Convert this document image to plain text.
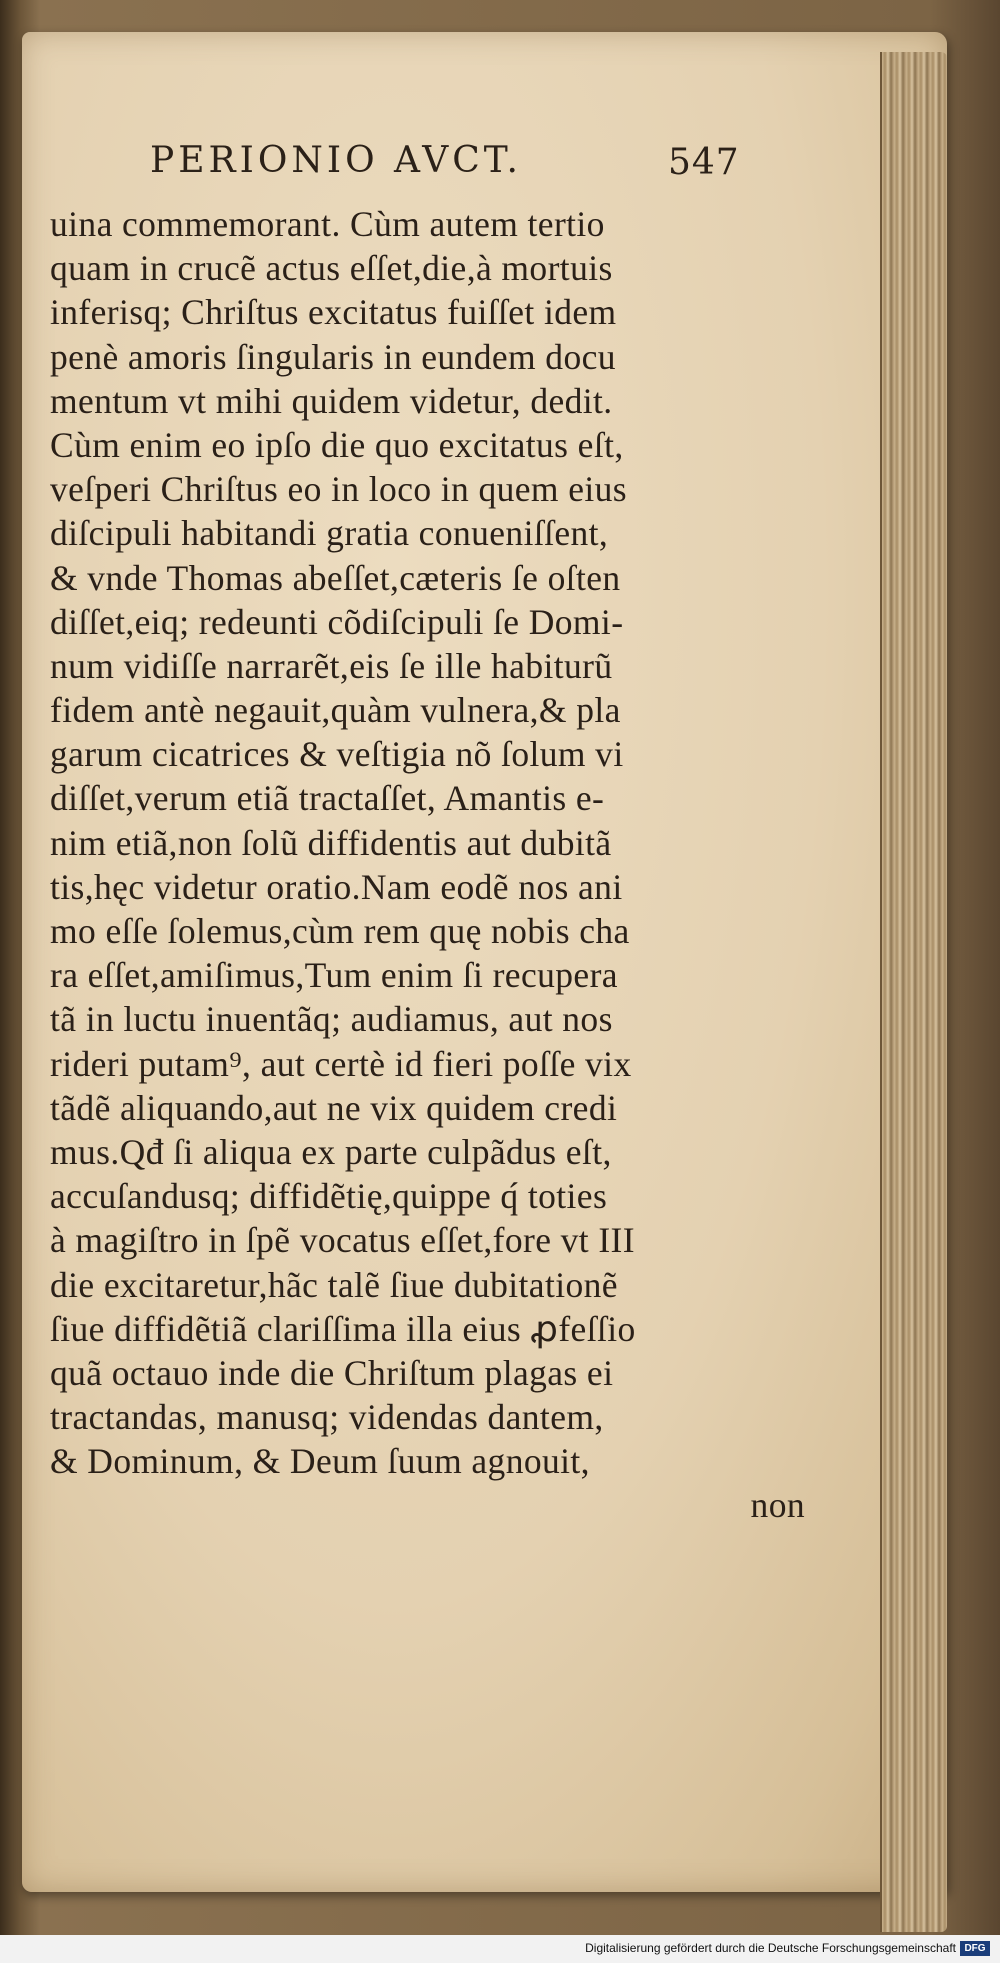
PERIONIO AVCT.	547
uina commemorant. Cùm autem tertio
quam in crucẽ actus eſſet,die,à mortuis
inferisq; Chriſtus excitatus fuiſſet idem
penè amoris ſingularis in eundem docu
mentum vt mihi quidem videtur, dedit.
Cùm enim eo ipſo die quo excitatus eſt,
veſperi Chriſtus eo in loco in quem eius
diſcipuli habitandi gratia conueniſſent,
& vnde Thomas abeſſet,cæteris ſe oſten
diſſet,eiq; redeunti cõdiſcipuli ſe Domi-
num vidiſſe narrarẽt,eis ſe ille habiturũ
fidem antè negauit,quàm vulnera,& pla
garum cicatrices & veſtigia nõ ſolum vi
diſſet,verum etiã tractaſſet, Amantis e-
nim etiã,non ſolũ diffidentis aut dubitã
tis,hęc videtur oratio.Nam eodẽ nos ani
mo eſſe ſolemus,cùm rem quę nobis cha
ra eſſet,amiſimus,Tum enim ſi recupera
tã in luctu inuentãq; audiamus, aut nos
rideri putam⁹, aut certè id fieri poſſe vix
tãdẽ aliquando,aut ne vix quidem credi
mus.Qđ ſi aliqua ex parte culpãdus eſt,
accuſandusq; diffidẽtię,quippe q́ toties
à magiſtro in ſpẽ vocatus eſſet,fore vt III
die excitaretur,hãc talẽ ſiue dubitationẽ
ſiue diffidẽtiã clariſſima illa eius ꝓfeſſio
quã octauo inde die Chriſtum plagas ei
tractandas, manusq; videndas dantem,
& Dominum, & Deum ſuum agnouit,
non
Digitalisierung gefördert durch die Deutsche Forschungsgemeinschaft DFG
